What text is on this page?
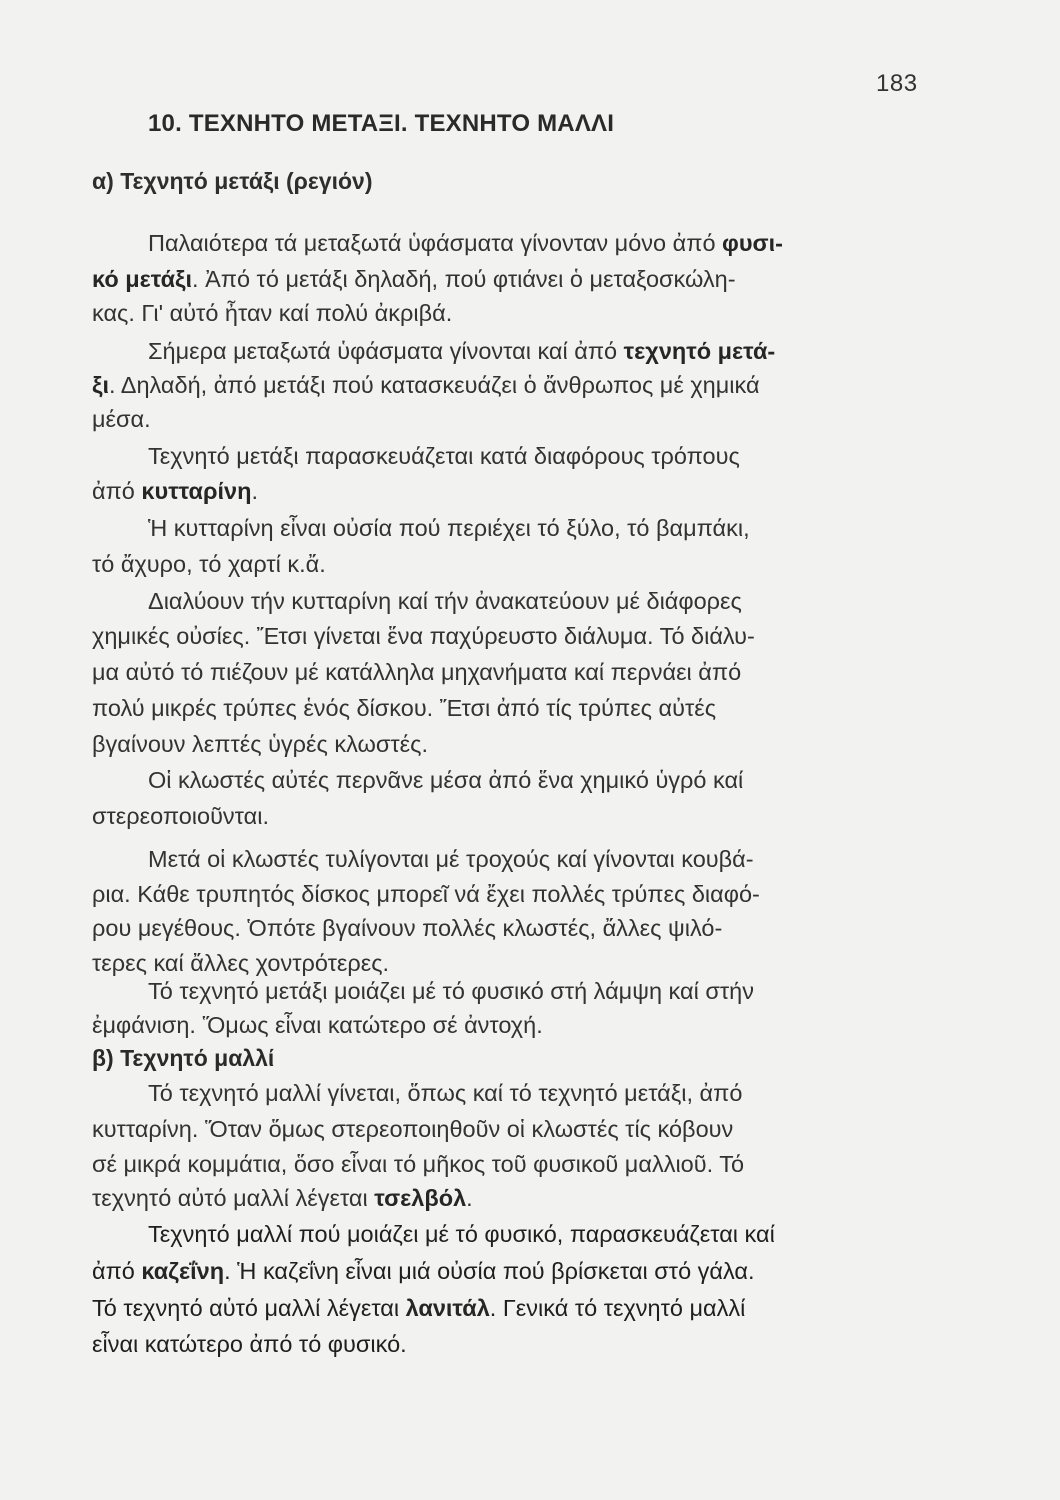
183
10. ΤΕΧΝΗΤΟ ΜΕΤΑΞΙ. ΤΕΧΝΗΤΟ ΜΑΛΛΙ
α) Τεχνητό μετάξι (ρεγιόν)
β) Τεχνητό μαλλί
Παλαιότερα τά μεταξωτά ὑφάσματα γίνονταν μόνο ἀπό φυσι-
κό μετάξι. Ἀπό τό μετάξι δηλαδή, πού φτιάνει ὁ μεταξοσκώλη-
κας. Γι' αὐτό ἦταν καί πολύ ἀκριβά.
Σήμερα μεταξωτά ὑφάσματα γίνονται καί ἀπό τεχνητό μετά-
ξι. Δηλαδή, ἀπό μετάξι πού κατασκευάζει ὁ ἄνθρωπος μέ χημικά
μέσα.
Τεχνητό μετάξι παρασκευάζεται κατά διαφόρους τρόπους
ἀπό κυτταρίνη.
Ἡ κυτταρίνη εἶναι οὐσία πού περιέχει τό ξύλο, τό βαμπάκι,
τό ἄχυρο, τό χαρτί κ.ἄ.
Διαλύουν τήν κυτταρίνη καί τήν ἀνακατεύουν μέ διάφορες
χημικές οὐσίες. Ἔτσι γίνεται ἕνα παχύρευστο διάλυμα. Τό διάλυ-
μα αὐτό τό πιέζουν μέ κατάλληλα μηχανήματα καί περνάει ἀπό
πολύ μικρές τρύπες ἑνός δίσκου. Ἔτσι ἀπό τίς τρύπες αὐτές
βγαίνουν λεπτές ὑγρές κλωστές.
Οἱ κλωστές αὐτές περνᾶνε μέσα ἀπό ἕνα χημικό ὑγρό καί
στερεοποιοῦνται.
Μετά οἱ κλωστές τυλίγονται μέ τροχούς καί γίνονται κουβά-
ρια. Κάθε τρυπητός δίσκος μπορεῖ νά ἔχει πολλές τρύπες διαφό-
ρου μεγέθους. Ὁπότε βγαίνουν πολλές κλωστές, ἄλλες ψιλό-
τερες καί ἄλλες χοντρότερες.
Τό τεχνητό μετάξι μοιάζει μέ τό φυσικό στή λάμψη καί στήν
ἐμφάνιση. Ὅμως εἶναι κατώτερο σέ ἀντοχή.
Τό τεχνητό μαλλί γίνεται, ὅπως καί τό τεχνητό μετάξι, ἀπό
κυτταρίνη. Ὅταν ὅμως στερεοποιηθοῦν οἱ κλωστές τίς κόβουν
σέ μικρά κομμάτια, ὅσο εἶναι τό μῆκος τοῦ φυσικοῦ μαλλιοῦ. Τό
τεχνητό αὐτό μαλλί λέγεται τσελβόλ.
Τεχνητό μαλλί πού μοιάζει μέ τό φυσικό, παρασκευάζεται καί
ἀπό καζεΐνη. Ἡ καζεΐνη εἶναι μιά οὐσία πού βρίσκεται στό γάλα.
Τό τεχνητό αὐτό μαλλί λέγεται λανιτάλ. Γενικά τό τεχνητό μαλλί
εἶναι κατώτερο ἀπό τό φυσικό.
